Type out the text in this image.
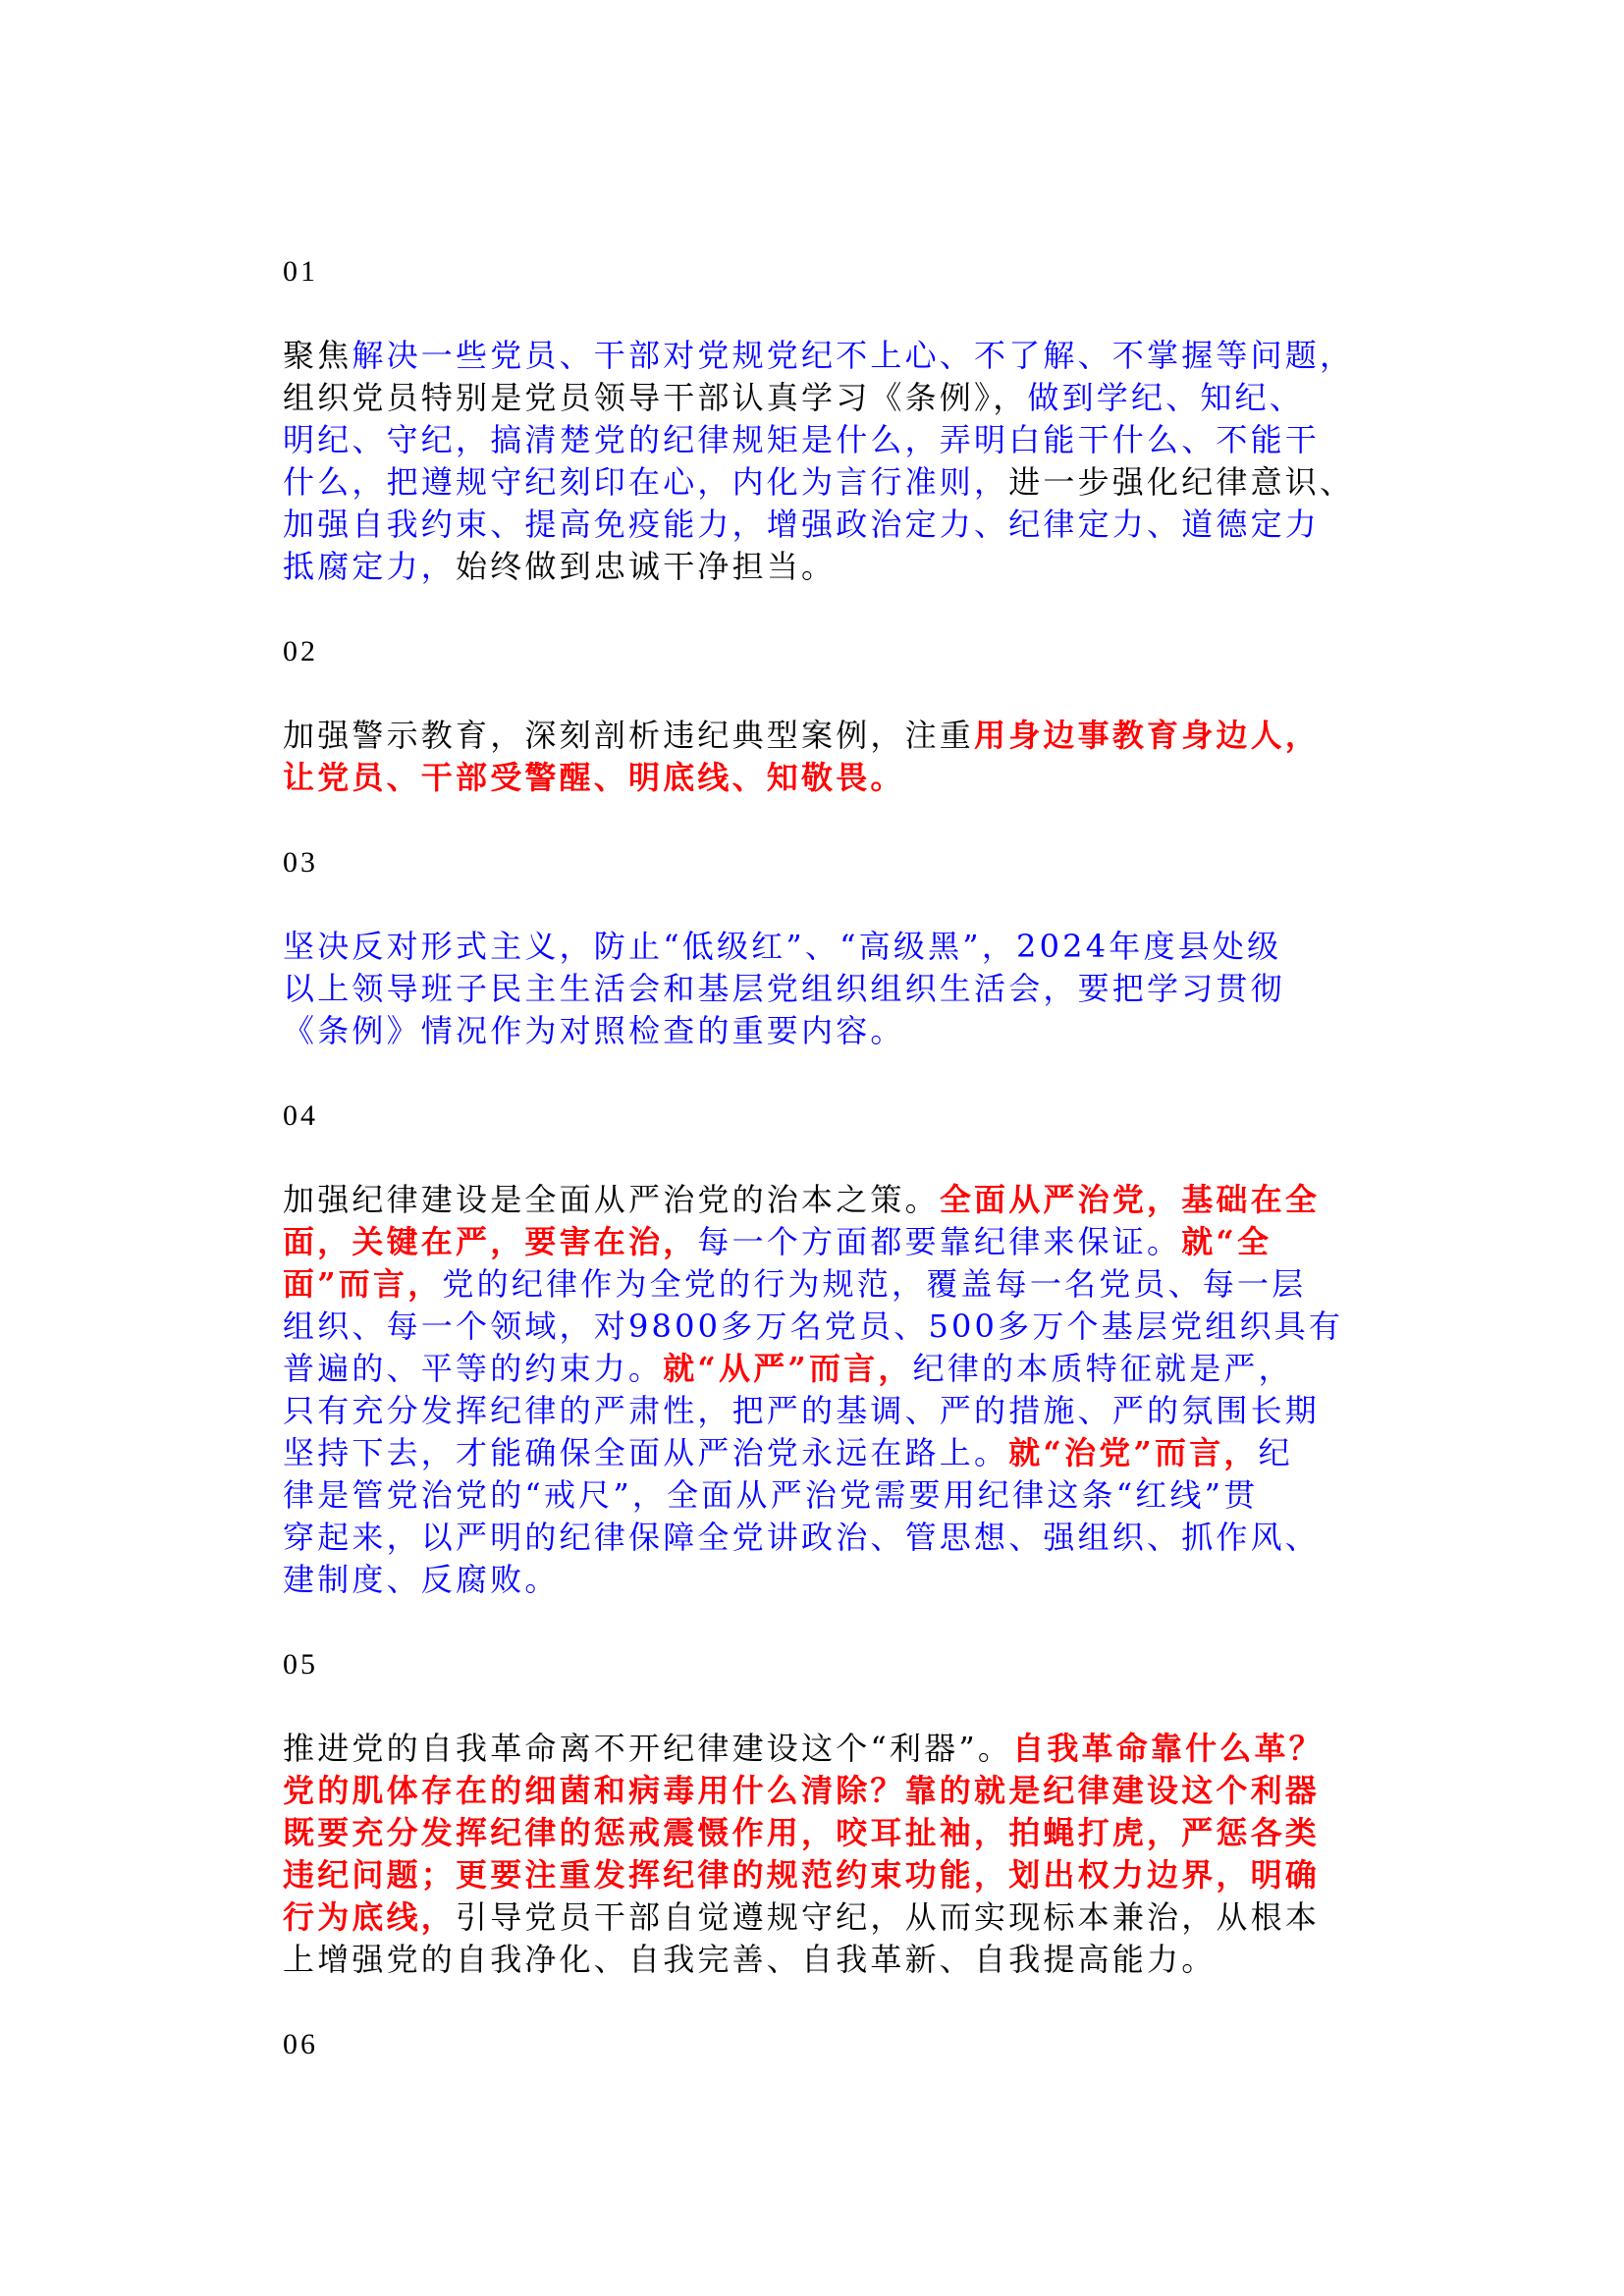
01
聚焦解决一些党员、干部对党规党纪不上心、不了解、不掌握等问题，
组织党员特别是党员领导干部认真学习《条例》，做到学纪、知纪、
明纪、守纪，搞清楚党的纪律规矩是什么，弄明白能干什么、不能干
什么，把遵规守纪刻印在心，内化为言行准则，进一步强化纪律意识、
加强自我约束、提高免疫能力，增强政治定力、纪律定力、道德定力
抵腐定力，始终做到忠诚干净担当。
02
加强警示教育，深刻剖析违纪典型案例，注重用身边事教育身边人，
让党员、干部受警醒、明底线、知敬畏。
03
坚决反对形式主义，防止“低级红”、“高级黑”，2024年度县处级
以上领导班子民主生活会和基层党组织组织生活会，要把学习贯彻
《条例》情况作为对照检查的重要内容。
04
加强纪律建设是全面从严治党的治本之策。全面从严治党，基础在全
面，关键在严，要害在治，每一个方面都要靠纪律来保证。就“全
面”而言，党的纪律作为全党的行为规范，覆盖每一名党员、每一层
组织、每一个领域，对9800多万名党员、500多万个基层党组织具有
普遍的、平等的约束力。就“从严”而言，纪律的本质特征就是严，
只有充分发挥纪律的严肃性，把严的基调、严的措施、严的氛围长期
坚持下去，才能确保全面从严治党永远在路上。就“治党”而言，纪
律是管党治党的“戒尺”，全面从严治党需要用纪律这条“红线”贯
穿起来，以严明的纪律保障全党讲政治、管思想、强组织、抓作风、
建制度、反腐败。
05
推进党的自我革命离不开纪律建设这个“利器”。自我革命靠什么革？
党的肌体存在的细菌和病毒用什么清除？靠的就是纪律建设这个利器
既要充分发挥纪律的惩戒震慑作用，咬耳扯袖，拍蝇打虎，严惩各类
违纪问题；更要注重发挥纪律的规范约束功能，划出权力边界，明确
行为底线，引导党员干部自觉遵规守纪，从而实现标本兼治，从根本
上增强党的自我净化、自我完善、自我革新、自我提高能力。
06
